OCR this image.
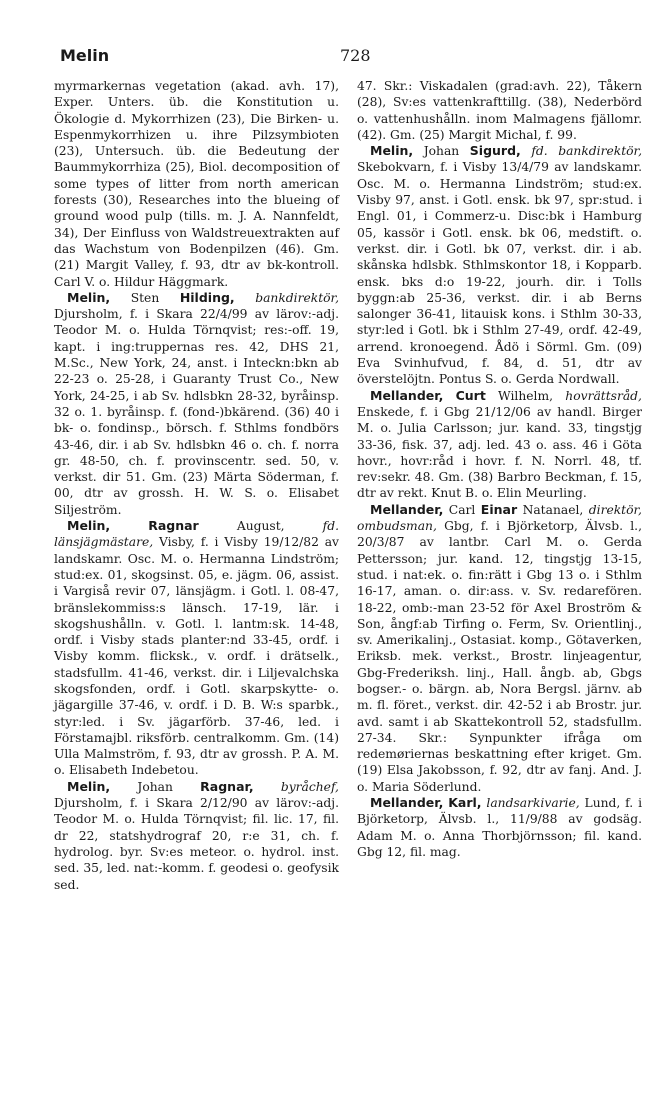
Melin	728

myrmarkernas vegetation (akad. avh. 17), Exper. Unters. üb. die Konstitution u. Ökologie d. Mykorrhizen (23), Die Birken- u. Espenmykorrhizen u. ihre Pilzsymbioten (23), Untersuch. üb. die Bedeutung der Baummykorrhiza (25), Biol. decomposition of some types of litter from north american forests (30), Researches into the blueing of ground wood pulp (tills. m. J. A. Nannfeldt, 34), Der Einfluss von Waldstreuextrakten auf das Wachstum von Bodenpilzen (46). Gm. (21) Margit Valley, f. 93, dtr av bk-kontroll. Carl V. o. Hildur Häggmark.

Melin, Sten Hilding, bankdirektör, Djursholm, f. i Skara 22/4/99 av lärov:-adj. Teodor M. o. Hulda Törnqvist; res:-off. 19, kapt. i ing:truppernas res. 42, DHS 21, M.Sc., New York, 24, anst. i Inteckn:bkn ab 22-23 o. 25-28, i Guaranty Trust Co., New York, 24-25, i ab Sv. hdlsbkn 28-32, byråinsp. 32 o. 1. byråinsp. f. (fond-)bkärend. (36) 40 i bk- o. fondinsp., börsch. f. Sthlms fondbörs 43-46, dir. i ab Sv. hdlsbkn 46 o. ch. f. norra gr. 48-50, ch. f. provinscentr. sed. 50, v. verkst. dir 51. Gm. (23) Märta Söderman, f. 00, dtr av grossh. H. W. S. o. Elisabet Siljeström.

Melin,	Ragnar	August,	fd. länsjägmästare, Visby, f. i Visby 19/12/82 av landskamr. Osc. M. o. Hermanna Lindström; stud:ex. 01, skogsinst. 05, e. jägm. 06, assist. i Vargiså revir 07, länsjägm. i Gotl. l. 08-47, bränslekommiss:s länsch. 17-19, lär. i skogshushålln. v. Gotl. l. lantm:sk. 14-48, ordf. i Visby stads planter:nd 33-45, ordf. i Visby komm. flicksk., v. ordf. i drätselk., stadsfullm. 41-46, verkst. dir. i Liljevalchska skogsfonden, ordf. i Gotl. skarpskytte- o. jägargille 37-46, v. ordf. i D. B. W:s sparbk., styr:led. i Sv. jägarförb. 37-46, led. i Förstamajbl. riksförb. centralkomm. Gm. (14) Ulla Malmström, f. 93, dtr av grossh. P. A. M. o. Elisabeth Indebetou.

Melin, Johan Ragnar, byråchef, Djursholm, f. i Skara 2/12/90 av lärov:-adj. Teodor M. o. Hulda Törnqvist; fil. lic. 17, fil. dr 22, statshydrograf 20, r:e 31, ch. f. hydrolog. byr. Sv:es meteor. o. hydrol. inst. sed. 35, led. nat:-komm. f. geodesi o. geofysik sed.

47. Skr.: Viskadalen (grad:avh. 22), Tåkern (28), Sv:es vattenkrafttillg. (38), Nederbörd o. vattenhushålln. inom Malmagens fjällomr. (42). Gm. (25) Margit Michal, f. 99.

Melin, Johan Sigurd, fd. bankdirektör, Skebokvarn, f. i Visby 13/4/79 av landskamr. Osc. M. o. Hermanna Lindström; stud:ex. Visby 97, anst. i Gotl. ensk. bk 97, spr:stud. i Engl. 01, i Commerz-u. Disc:bk i Hamburg 05, kassör i Gotl. ensk. bk 06, medstift. o. verkst. dir. i Gotl. bk 07, verkst. dir. i ab. skånska hdlsbk. Sthlmskontor 18, i Kopparb. ensk. bks d:o 19-22, jourh. dir. i Tolls byggn:ab 25-36, verkst. dir. i ab Berns salonger 36-41, litauisk kons. i Sthlm 30-33, styr:led i Gotl. bk i Sthlm 27-49, ordf. 42-49, arrend. kronoegend. Ådö i Sörml. Gm. (09) Eva Svinhufvud, f. 84, d. 51, dtr av överstelöjtn. Pontus S. o. Gerda Nordwall.

Mellander, Curt Wilhelm, hovrättsråd, Enskede, f. i Gbg 21/12/06 av handl. Birger M. o. Julia Carlsson; jur. kand. 33, tingstjg 33-36, fisk. 37, adj. led. 43 o. ass. 46 i Göta hovr., hovr:råd i hovr. f. N. Norrl. 48, tf. rev:sekr. 48. Gm. (38) Barbro Beckman, f. 15, dtr av rekt. Knut B. o. Elin Meurling.

Mellander, Carl Einar Natanael, direktör, ombudsman, Gbg, f. i Björketorp, Älvsb. l., 20/3/87 av lantbr. Carl M. o. Gerda Pettersson; jur. kand. 12, tingstjg 13-15, stud. i nat:ek. o. fin:rätt i Gbg 13 o. i Sthlm 16-17, aman. o. dir:ass. v. Sv. redarefören. 18-22, omb:-man 23-52 för Axel Broström & Son, ångf:ab Tirfing o. Ferm, Sv. Orientlinj., sv. Amerikalinj., Ostasiat. komp., Götaverken, Eriksb. mek. verkst., Brostr. linjeagentur, Gbg-Frederiksh. linj., Hall. ångb. ab, Gbgs bogser.- o. bärgn. ab, Nora Bergsl. järnv. ab m. fl. föret., verkst. dir. 42-52 i ab Brostr. jur. avd. samt i ab Skattekontroll 52, stadsfullm. 27-34. Skr.: Synpunkter ifråga om redemøriernas beskattning efter kriget. Gm. (19) Elsa Jakobsson, f. 92, dtr av fanj. And. J. o. Maria Söderlund.

Mellander, Karl, landsarkivarie, Lund, f. i Björketorp, Älvsb. l., 11/9/88 av godsäg. Adam M. o. Anna Thorbjörnsson; fil. kand. Gbg 12, fil. mag.
